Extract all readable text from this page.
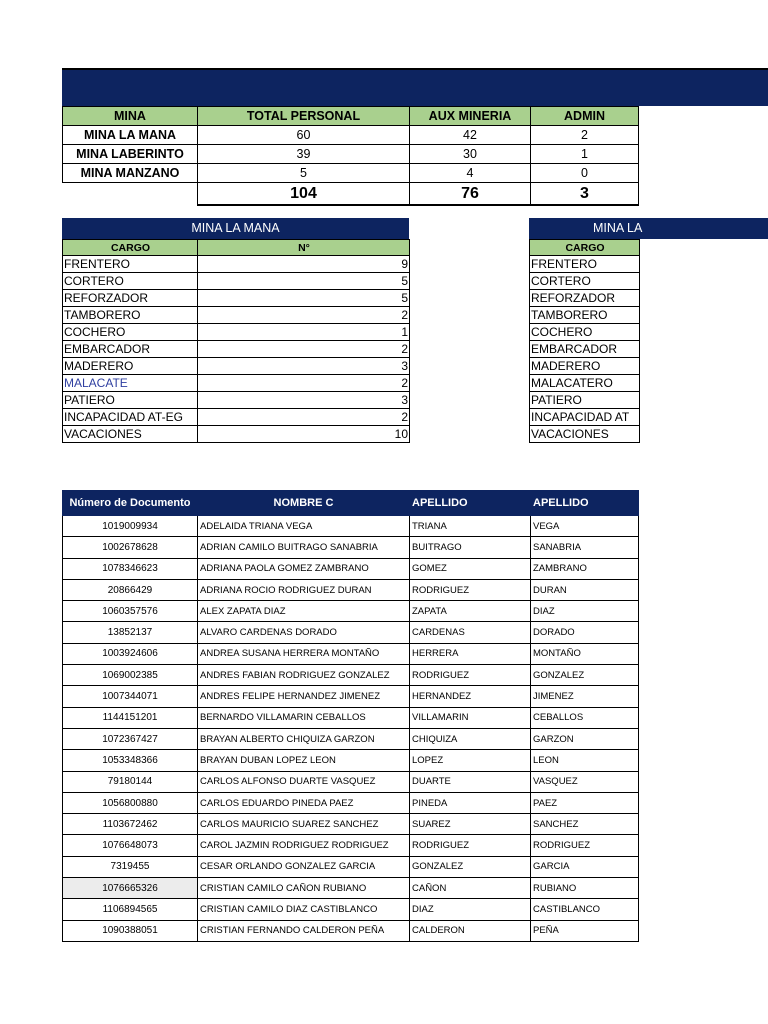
MINA	TOTAL PERSONAL	AUX MINERIA	ADMIN
MINA LA MANA	60	42	2
MINA LABERINTO	39	30	1
MINA MANZANO	5	4	0
	104	76	3
MINA LA MANA
CARGO	N°
FRENTERO	9
CORTERO	5
REFORZADOR	5
TAMBORERO	2
COCHERO	1
EMBARCADOR	2
MADERERO	3
MALACATE	2
PATIERO	3
INCAPACIDAD AT-EG	2
VACACIONES	10
MINA LA
CARGO
FRENTERO
CORTERO
REFORZADOR
TAMBORERO
COCHERO
EMBARCADOR
MADERERO
MALACATERO
PATIERO
INCAPACIDAD AT
VACACIONES
Número de Documento	NOMBRE C	APELLIDO	APELLIDO
1019009934	ADELAIDA TRIANA VEGA	TRIANA	VEGA
1002678628	ADRIAN CAMILO BUITRAGO SANABRIA	BUITRAGO	SANABRIA
1078346623	ADRIANA PAOLA GOMEZ ZAMBRANO	GOMEZ	ZAMBRANO
20866429	ADRIANA ROCIO RODRIGUEZ DURAN	RODRIGUEZ	DURAN
1060357576	ALEX ZAPATA DIAZ	ZAPATA	DIAZ
13852137	ALVARO CARDENAS DORADO	CARDENAS	DORADO
1003924606	ANDREA SUSANA HERRERA MONTAÑO	HERRERA	MONTAÑO
1069002385	ANDRES FABIAN RODRIGUEZ GONZALEZ	RODRIGUEZ	GONZALEZ
1007344071	ANDRES FELIPE HERNANDEZ JIMENEZ	HERNANDEZ	JIMENEZ
1144151201	BERNARDO VILLAMARIN CEBALLOS	VILLAMARIN	CEBALLOS
1072367427	BRAYAN ALBERTO CHIQUIZA GARZON	CHIQUIZA	GARZON
1053348366	BRAYAN DUBAN LOPEZ LEON	LOPEZ	LEON
79180144	CARLOS ALFONSO DUARTE VASQUEZ	DUARTE	VASQUEZ
1056800880	CARLOS EDUARDO PINEDA PAEZ	PINEDA	PAEZ
1103672462	CARLOS MAURICIO SUAREZ SANCHEZ	SUAREZ	SANCHEZ
1076648073	CAROL JAZMIN RODRIGUEZ RODRIGUEZ	RODRIGUEZ	RODRIGUEZ
7319455	CESAR ORLANDO GONZALEZ GARCIA	GONZALEZ	GARCIA
1076665326	CRISTIAN CAMILO CAÑON RUBIANO	CAÑON	RUBIANO
1106894565	CRISTIAN CAMILO DIAZ CASTIBLANCO	DIAZ	CASTIBLANCO
1090388051	CRISTIAN FERNANDO CALDERON PEÑA	CALDERON	PEÑA
